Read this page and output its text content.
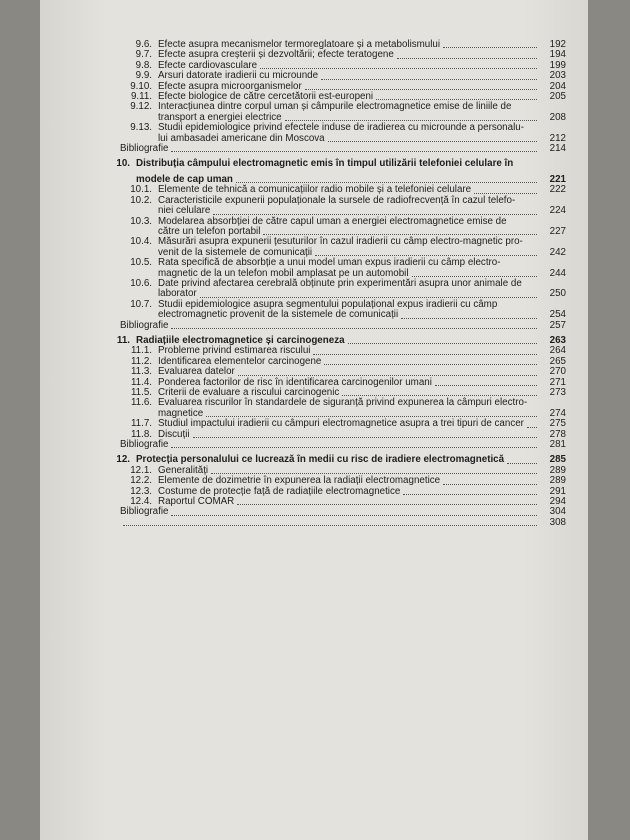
9.6. Efecte asupra mecanismelor termoreglatoare și a metabolismului	192
9.7. Efecte asupra creșterii și dezvoltării; efecte teratogene	194
9.8. Efecte cardiovasculare	199
9.9. Arsuri datorate iradierii cu microunde	203
9.10. Efecte asupra microorganismelor	204
9.11. Efecte biologice de către cercetătorii est-europeni	205
9.12. Interacțiunea dintre corpul uman și câmpurile electromagnetice emise de liniile de
transport a energiei electrice	208
9.13. Studii epidemiologice privind efectele induse de iradierea cu microunde a personalu-
lui ambasadei americane din Moscova	212
Bibliografie	214
10. Distribuția câmpului electromagnetic emis în timpul utilizării telefoniei celulare în
modele de cap uman	221
10.1. Elemente de tehnică a comunicațiilor radio mobile și a telefoniei celulare	222
10.2. Caracteristicile expunerii populaționale la sursele de radiofrecvență în cazul telefo-
niei celulare	224
10.3. Modelarea absorbției de către capul uman a energiei electromagnetice emise de
către un telefon portabil	227
10.4. Măsurări asupra expunerii țesuturilor în cazul iradierii cu câmp electro-magnetic pro-
venit de la sistemele de comunicații	242
10.5. Rata specifică de absorbție a unui model uman expus iradierii cu câmp electro-
magnetic de la un telefon mobil amplasat pe un automobil	244
10.6. Date privind afectarea cerebrală obținute prin experimentări asupra unor animale de
laborator	250
10.7. Studii epidemiologice asupra segmentului populațional expus iradierii cu câmp
electromagnetic provenit de la sistemele de comunicații	254
Bibliografie	257
11. Radiațiile electromagnetice și carcinogeneza	263
11.1. Probleme privind estimarea riscului	264
11.2. Identificarea elementelor carcinogene	265
11.3. Evaluarea datelor	270
11.4. Ponderea factorilor de risc în identificarea carcinogenilor umani	271
11.5. Criterii de evaluare a riscului carcinogenic	273
11.6. Evaluarea riscurilor în standardele de siguranță privind expunerea la câmpuri electro-
magnetice	274
11.7. Studiul impactului iradierii cu câmpuri electromagnetice asupra a trei tipuri de cancer	275
11.8. Discuții	278
Bibliografie	281
12. Protecția personalului ce lucrează în medii cu risc de iradiere electromagnetică	285
12.1. Generalități	289
12.2. Elemente de dozimetrie în expunerea la radiații electromagnetice	289
12.3. Costume de protecție față de radiațiile electromagnetice	291
12.4. Raportul COMAR	294
Bibliografie	304
308
